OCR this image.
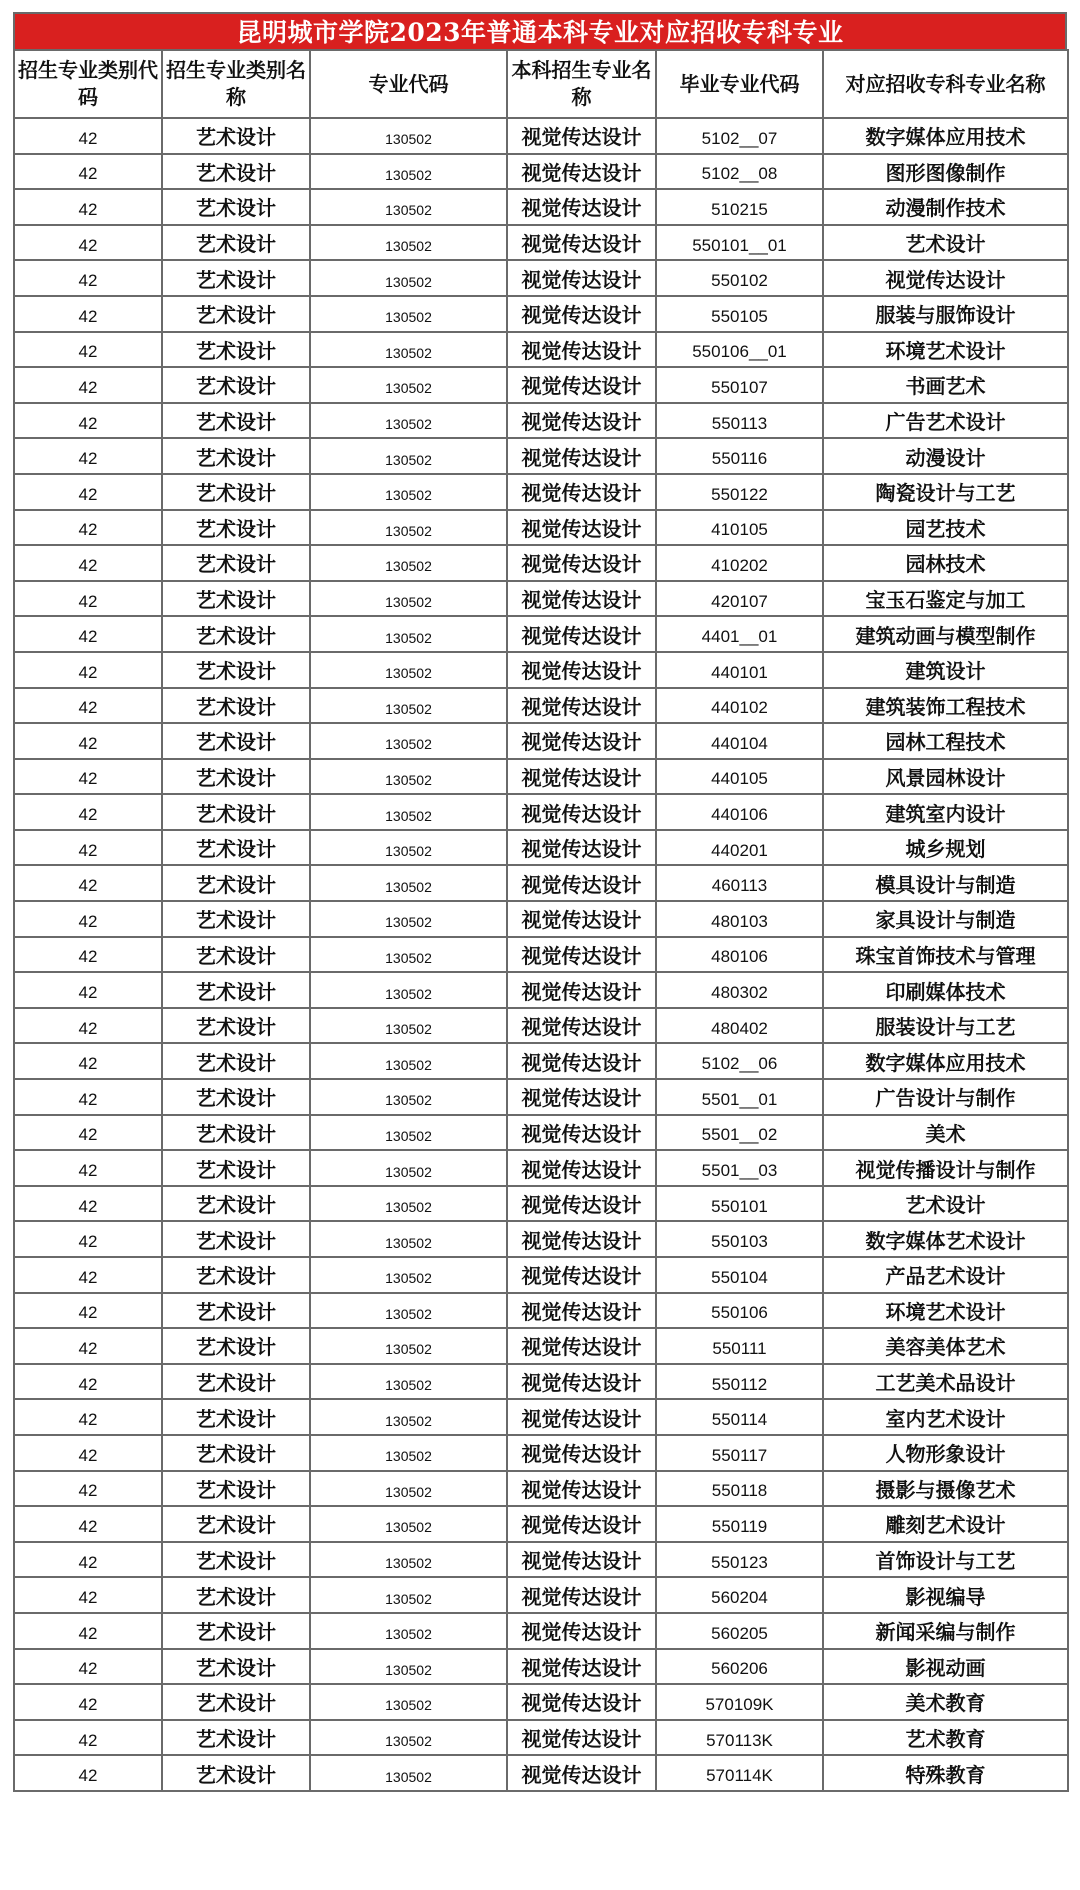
昆明城市学院2023年普通本科专业对应招收专科专业
招生专业类别代码	招生专业类别名称	专业代码	本科招生专业名称	毕业专业代码	对应招收专科专业名称
42	艺术设计	130502	视觉传达设计	5102__07	数字媒体应用技术
42	艺术设计	130502	视觉传达设计	5102__08	图形图像制作
42	艺术设计	130502	视觉传达设计	510215	动漫制作技术
42	艺术设计	130502	视觉传达设计	550101__01	艺术设计
42	艺术设计	130502	视觉传达设计	550102	视觉传达设计
42	艺术设计	130502	视觉传达设计	550105	服装与服饰设计
42	艺术设计	130502	视觉传达设计	550106__01	环境艺术设计
42	艺术设计	130502	视觉传达设计	550107	书画艺术
42	艺术设计	130502	视觉传达设计	550113	广告艺术设计
42	艺术设计	130502	视觉传达设计	550116	动漫设计
42	艺术设计	130502	视觉传达设计	550122	陶瓷设计与工艺
42	艺术设计	130502	视觉传达设计	410105	园艺技术
42	艺术设计	130502	视觉传达设计	410202	园林技术
42	艺术设计	130502	视觉传达设计	420107	宝玉石鉴定与加工
42	艺术设计	130502	视觉传达设计	4401__01	建筑动画与模型制作
42	艺术设计	130502	视觉传达设计	440101	建筑设计
42	艺术设计	130502	视觉传达设计	440102	建筑装饰工程技术
42	艺术设计	130502	视觉传达设计	440104	园林工程技术
42	艺术设计	130502	视觉传达设计	440105	风景园林设计
42	艺术设计	130502	视觉传达设计	440106	建筑室内设计
42	艺术设计	130502	视觉传达设计	440201	城乡规划
42	艺术设计	130502	视觉传达设计	460113	模具设计与制造
42	艺术设计	130502	视觉传达设计	480103	家具设计与制造
42	艺术设计	130502	视觉传达设计	480106	珠宝首饰技术与管理
42	艺术设计	130502	视觉传达设计	480302	印刷媒体技术
42	艺术设计	130502	视觉传达设计	480402	服装设计与工艺
42	艺术设计	130502	视觉传达设计	5102__06	数字媒体应用技术
42	艺术设计	130502	视觉传达设计	5501__01	广告设计与制作
42	艺术设计	130502	视觉传达设计	5501__02	美术
42	艺术设计	130502	视觉传达设计	5501__03	视觉传播设计与制作
42	艺术设计	130502	视觉传达设计	550101	艺术设计
42	艺术设计	130502	视觉传达设计	550103	数字媒体艺术设计
42	艺术设计	130502	视觉传达设计	550104	产品艺术设计
42	艺术设计	130502	视觉传达设计	550106	环境艺术设计
42	艺术设计	130502	视觉传达设计	550111	美容美体艺术
42	艺术设计	130502	视觉传达设计	550112	工艺美术品设计
42	艺术设计	130502	视觉传达设计	550114	室内艺术设计
42	艺术设计	130502	视觉传达设计	550117	人物形象设计
42	艺术设计	130502	视觉传达设计	550118	摄影与摄像艺术
42	艺术设计	130502	视觉传达设计	550119	雕刻艺术设计
42	艺术设计	130502	视觉传达设计	550123	首饰设计与工艺
42	艺术设计	130502	视觉传达设计	560204	影视编导
42	艺术设计	130502	视觉传达设计	560205	新闻采编与制作
42	艺术设计	130502	视觉传达设计	560206	影视动画
42	艺术设计	130502	视觉传达设计	570109K	美术教育
42	艺术设计	130502	视觉传达设计	570113K	艺术教育
42	艺术设计	130502	视觉传达设计	570114K	特殊教育
